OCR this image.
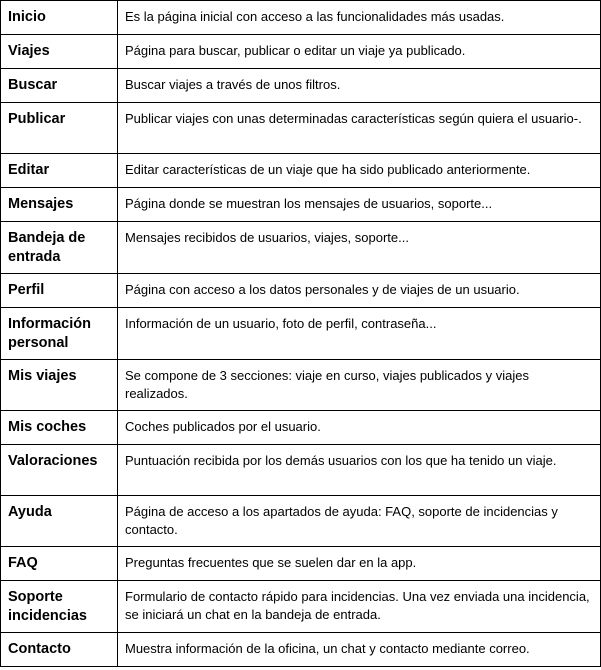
Inicio	Es la página inicial con acceso a las funcionalidades más usadas.
Viajes	Página para buscar, publicar o editar un viaje ya publicado.
Buscar	Buscar viajes a través de unos filtros.
Publicar	Publicar viajes con unas determinadas características según quiera el usuario-.
Editar	Editar características de un viaje que ha sido publicado anteriormente.
Mensajes	Página donde se muestran los mensajes de usuarios, soporte...
Bandeja de entrada	Mensajes recibidos de usuarios, viajes, soporte...
Perfil	Página con acceso a los datos personales y de viajes de un usuario.
Información personal	Información de un usuario, foto de perfil, contraseña...
Mis viajes	Se compone de 3 secciones: viaje en curso, viajes publicados y viajes realizados.
Mis coches	Coches publicados por el usuario.
Valoraciones	Puntuación recibida por los demás usuarios con los que ha tenido un viaje.
Ayuda	Página de acceso a los apartados de ayuda: FAQ, soporte de incidencias y contacto.
FAQ	Preguntas frecuentes que se suelen dar en la app.
Soporte incidencias	Formulario de contacto rápido para incidencias. Una vez enviada una incidencia, se iniciará un chat en la bandeja de entrada.
Contacto	Muestra información de la oficina, un chat y contacto mediante correo.
